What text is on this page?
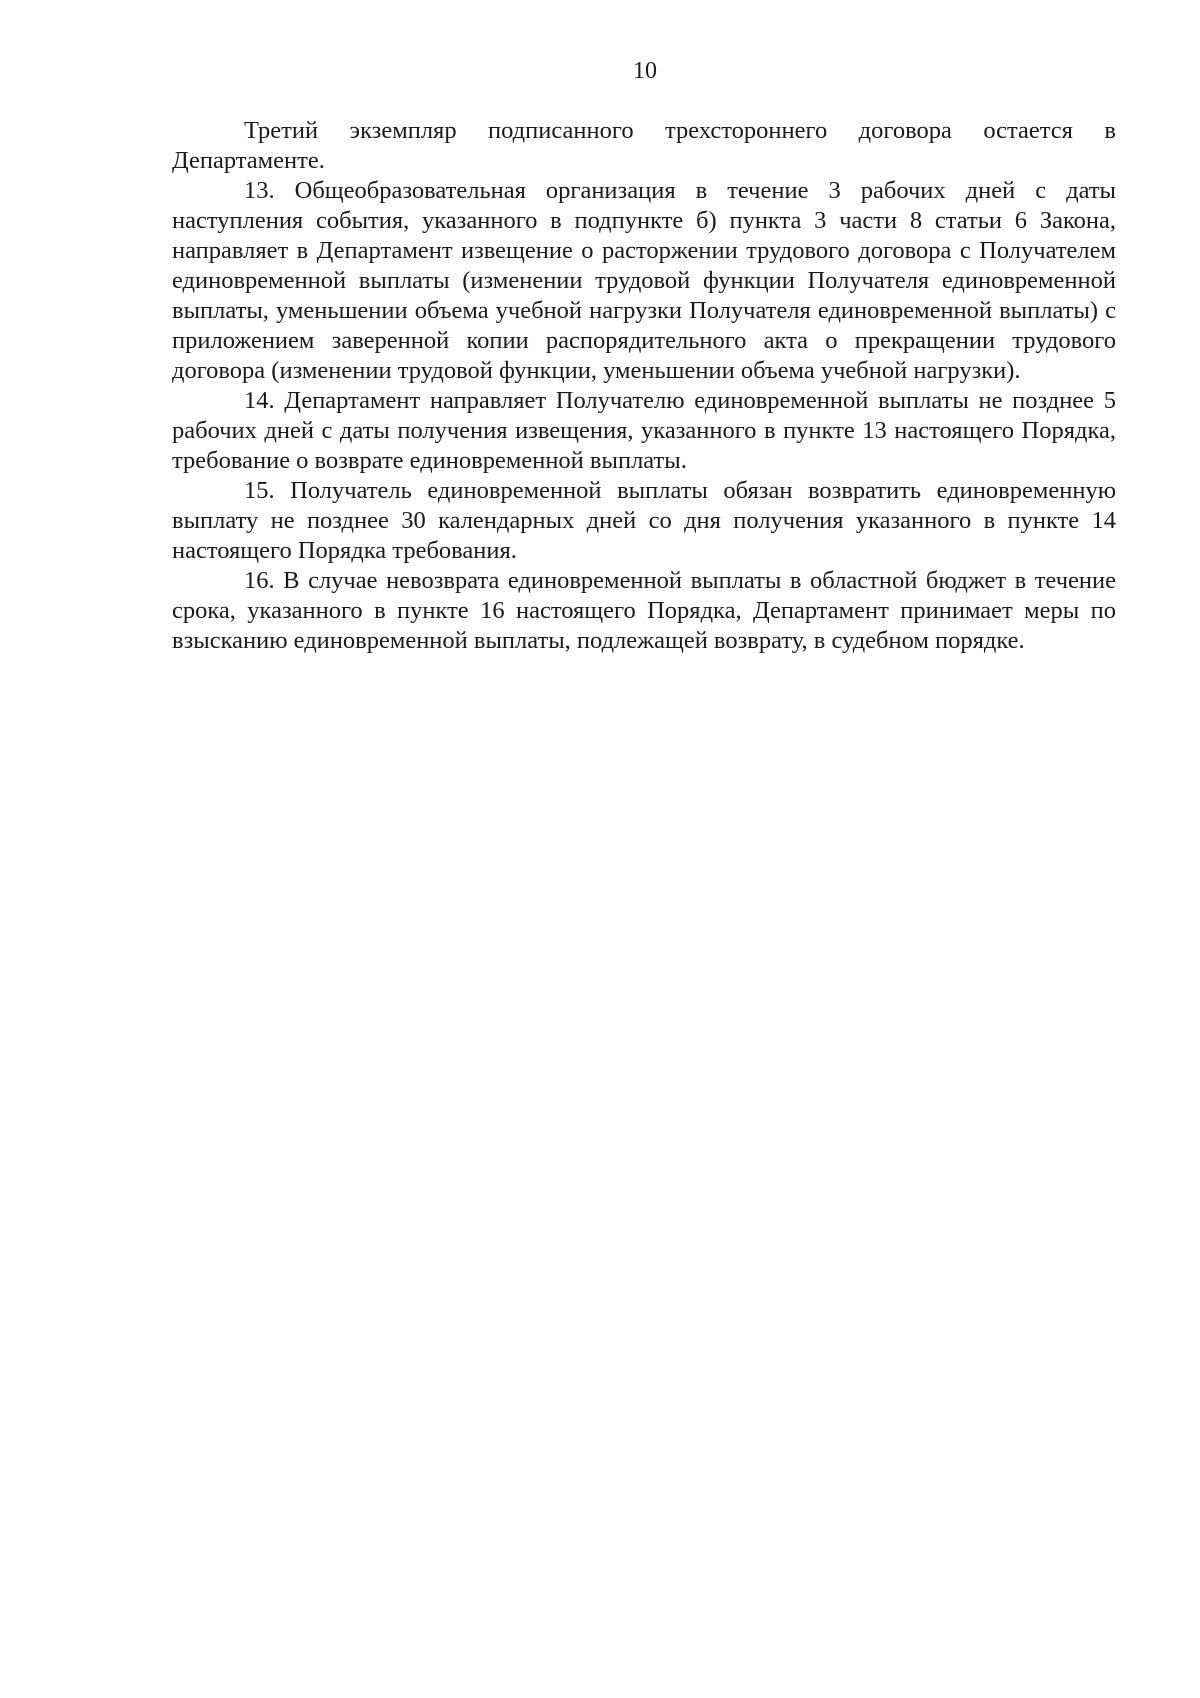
10

Третий экземпляр подписанного трехстороннего договора остается в Департаменте.

13. Общеобразовательная организация в течение 3 рабочих дней с даты наступления события, указанного в подпункте б) пункта 3 части 8 статьи 6 Закона, направляет в Департамент извещение о расторжении трудового договора с Получателем единовременной выплаты (изменении трудовой функции Получателя единовременной выплаты, уменьшении объема учебной нагрузки Получателя единовременной выплаты) с приложением заверенной копии распорядительного акта о прекращении трудового договора (изменении трудовой функции, уменьшении объема учебной нагрузки).

14. Департамент направляет Получателю единовременной выплаты не позднее 5 рабочих дней с даты получения извещения, указанного в пункте 13 настоящего Порядка, требование о возврате единовременной выплаты.

15. Получатель единовременной выплаты обязан возвратить единовременную выплату не позднее 30 календарных дней со дня получения указанного в пункте 14 настоящего Порядка требования.

16. В случае невозврата единовременной выплаты в областной бюджет в течение срока, указанного в пункте 16 настоящего Порядка, Департамент принимает меры по взысканию единовременной выплаты, подлежащей возврату, в судебном порядке.
